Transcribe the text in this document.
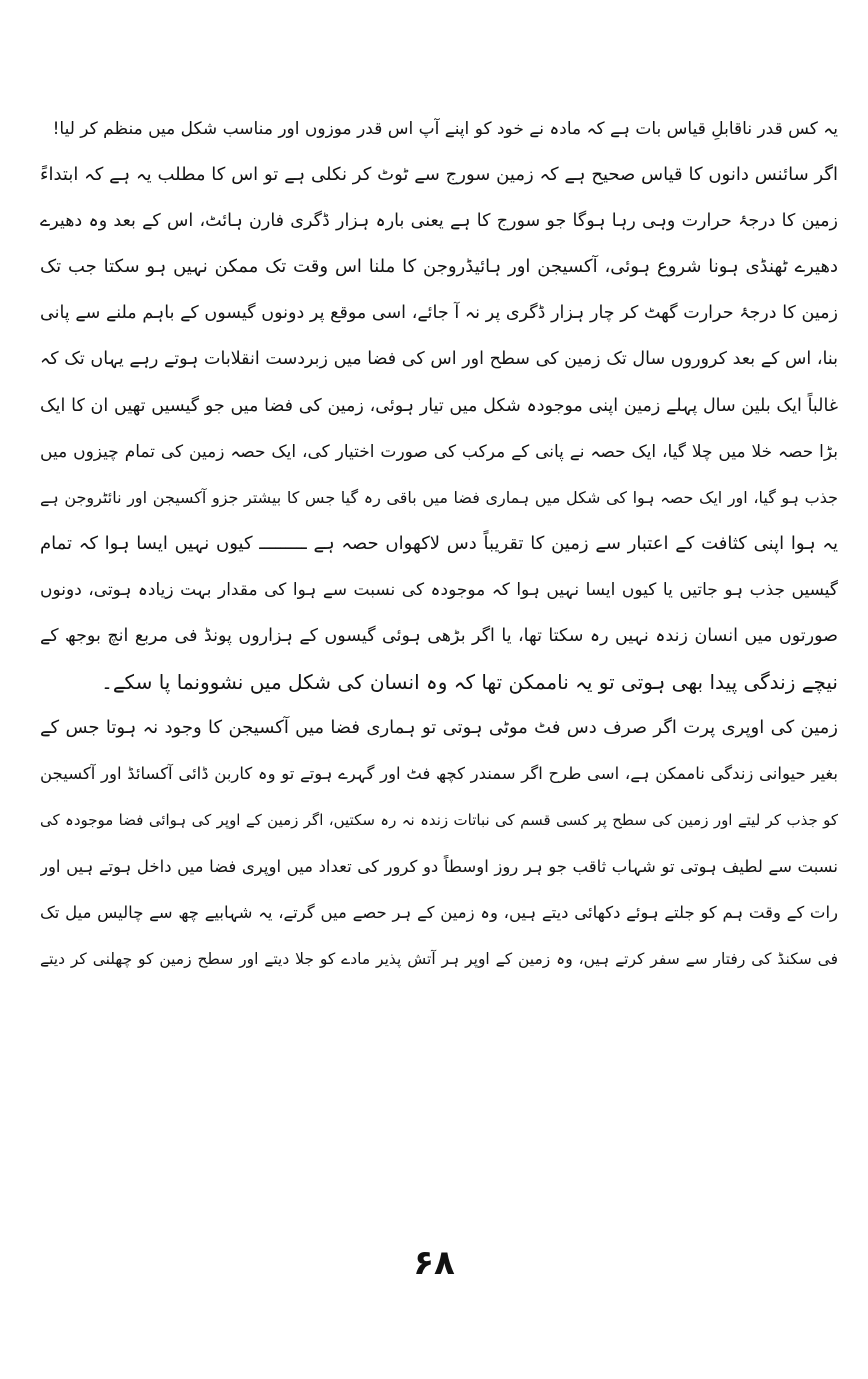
یہ کس قدر ناقابلِ قیاس بات ہے کہ مادہ نے خود کو اپنے آپ اس قدر موزوں اور مناسب شکل میں منظم کر لیا!
اگر سائنس دانوں کا قیاس صحیح ہے کہ زمین سورج سے ٹوٹ کر نکلی ہے تو اس کا مطلب یہ ہے کہ ابتداءً
زمین کا درجۂ حرارت وہی رہا ہوگا جو سورج کا ہے یعنی بارہ ہزار ڈگری فارن ہائٹ، اس کے بعد وہ دھیرے
دھیرے ٹھنڈی ہونا شروع ہوئی، آکسیجن اور ہائیڈروجن کا ملنا اس وقت تک ممکن نہیں ہو سکتا جب تک
زمین کا درجۂ حرارت گھٹ کر چار ہزار ڈگری پر نہ آ جائے، اسی موقع پر دونوں گیسوں کے باہم ملنے سے پانی
بنا، اس کے بعد کروروں سال تک زمین کی سطح اور اس کی فضا میں زبردست انقلابات ہوتے رہے یہاں تک کہ
غالباً ایک بلین سال پہلے زمین اپنی موجودہ شکل میں تیار ہوئی، زمین کی فضا میں جو گیسیں تھیں ان کا ایک
بڑا حصہ خلا میں چلا گیا، ایک حصہ نے پانی کے مرکب کی صورت اختیار کی، ایک حصہ زمین کی تمام چیزوں میں
جذب ہو گیا، اور ایک حصہ ہوا کی شکل میں ہماری فضا میں باقی رہ گیا جس کا بیشتر جزو آکسیجن اور نائٹروجن ہے
یہ ہوا اپنی کثافت کے اعتبار سے زمین کا تقریباً دس لاکھواں حصہ ہے ـــــــــ کیوں نہیں ایسا ہوا کہ تمام
گیسیں جذب ہو جاتیں یا کیوں ایسا نہیں ہوا کہ موجودہ کی نسبت سے ہوا کی مقدار بہت زیادہ ہوتی، دونوں
صورتوں میں انسان زندہ نہیں رہ سکتا تھا، یا اگر بڑھی ہوئی گیسوں کے ہزاروں پونڈ فی مربع انچ بوجھ کے
نیچے زندگی پیدا بھی ہوتی تو یہ ناممکن تھا کہ وہ انسان کی شکل میں نشوونما پا سکے۔
زمین کی اوپری پرت اگر صرف دس فٹ موٹی ہوتی تو ہماری فضا میں آکسیجن کا وجود نہ ہوتا جس کے
بغیر حیوانی زندگی ناممکن ہے، اسی طرح اگر سمندر کچھ فٹ اور گہرے ہوتے تو وہ کاربن ڈائی آکسائڈ اور آکسیجن
کو جذب کر لیتے اور زمین کی سطح پر کسی قسم کی نباتات زندہ نہ رہ سکتیں، اگر زمین کے اوپر کی ہوائی فضا موجودہ کی
نسبت سے لطیف ہوتی تو شہاب ثاقب جو ہر روز اوسطاً دو کرور کی تعداد میں اوپری فضا میں داخل ہوتے ہیں اور
رات کے وقت ہم کو جلتے ہوئے دکھائی دیتے ہیں، وہ زمین کے ہر حصے میں گرتے، یہ شہابیے چھ سے چالیس میل تک
فی سکنڈ کی رفتار سے سفر کرتے ہیں، وہ زمین کے اوپر ہر آتش پذیر مادے کو جلا دیتے اور سطح زمین کو چھلنی کر دیتے
۶۸
